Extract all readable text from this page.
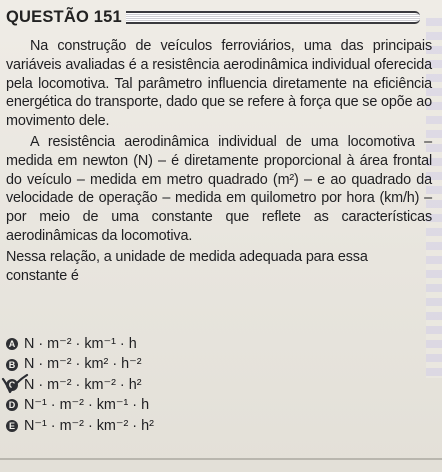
QUESTÃO 151

Na construção de veículos ferroviários, uma das principais variáveis avaliadas é a resistência aerodinâmica individual oferecida pela locomotiva. Tal parâmetro influencia diretamente na eficiência energética do transporte, dado que se refere à força que se opõe ao movimento dele.

A resistência aerodinâmica individual de uma locomotiva – medida em newton (N) – é diretamente proporcional à área frontal do veículo – medida em metro quadrado (m²) – e ao quadrado da velocidade de operação – medida em quilometro por hora (km/h) – por meio de uma constante que reflete as características aerodinâmicas da locomotiva.

Nessa relação, a unidade de medida adequada para essa constante é

A N · m⁻² · km⁻¹ · h
B N · m⁻² · km² · h⁻²
C N · m⁻² · km⁻² · h²
D N⁻¹ · m⁻² · km⁻¹ · h
E N⁻¹ · m⁻² · km⁻² · h²
